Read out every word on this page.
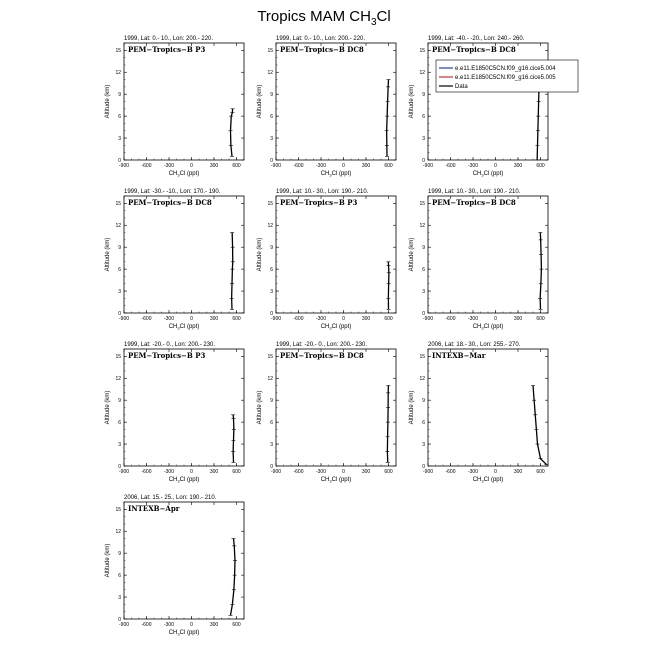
Tropics MAM $CH_3Cl$
1999, Lat: 0.- 10., Lon: 200.- 220.
PEM−Tropics−B P3
-900 -600 -300	0	300	600
0
3
6
9
12
15
$CH_3Cl$ (ppt)
Altitude (km)
1999, Lat: 0.- 10., Lon: 200.- 220.
PEM−Tropics−B DC8
-900 -600 -300	0	300	600
0
3
6
9
12
15
$CH_3Cl$ (ppt)
Altitude (km)
1999, Lat: -40.- -20., Lon: 240.- 260.
PEM−Tropics−B DC8
-900 -600 -300	0	300	600
0
3
6
9
12
15
$CH_3Cl$ (ppt)
Altitude (km)
e.e11.E1850C5CN.f09_g16.cice5.004
e.e11.E1850C5CN.f09_g16.cice5.005
Data
1999, Lat: -30.- -10., Lon: 170.- 190.
PEM−Tropics−B DC8
-900 -600 -300	0	300	600
0
3
6
9
12
15
$CH_3Cl$ (ppt)
Altitude (km)
1999, Lat: 10.- 30., Lon: 190.- 210.
PEM−Tropics−B P3
-900 -600 -300	0	300	600
0
3
6
9
12
15
$CH_3Cl$ (ppt)
Altitude (km)
1999, Lat: 10.- 30., Lon: 190.- 210.
PEM−Tropics−B DC8
-900 -600 -300	0	300	600
0
3
6
9
12
15
$CH_3Cl$ (ppt)
Altitude (km)
1999, Lat: -20.- 0., Lon: 200.- 230.
PEM−Tropics−B P3
-900 -600 -300	0	300	600
0
3
6
9
12
15
$CH_3Cl$ (ppt)
Altitude (km)
1999, Lat: -20.- 0., Lon: 200.- 230.
PEM−Tropics−B DC8
-900 -600 -300	0	300	600
0
3
6
9
12
15
$CH_3Cl$ (ppt)
Altitude (km)
2006, Lat: 18.- 30., Lon: 255.- 270.
INTEXB−Mar
-900 -600 -300	0	300	600
0
3
6
9
12
15
$CH_3Cl$ (ppt)
Altitude (km)
2006, Lat: 15.- 25., Lon: 190.- 210.
INTEXB−Apr
-900 -600 -300	0	300	600
0
3
6
9
12
15
$CH_3Cl$ (ppt)
Altitude (km)
